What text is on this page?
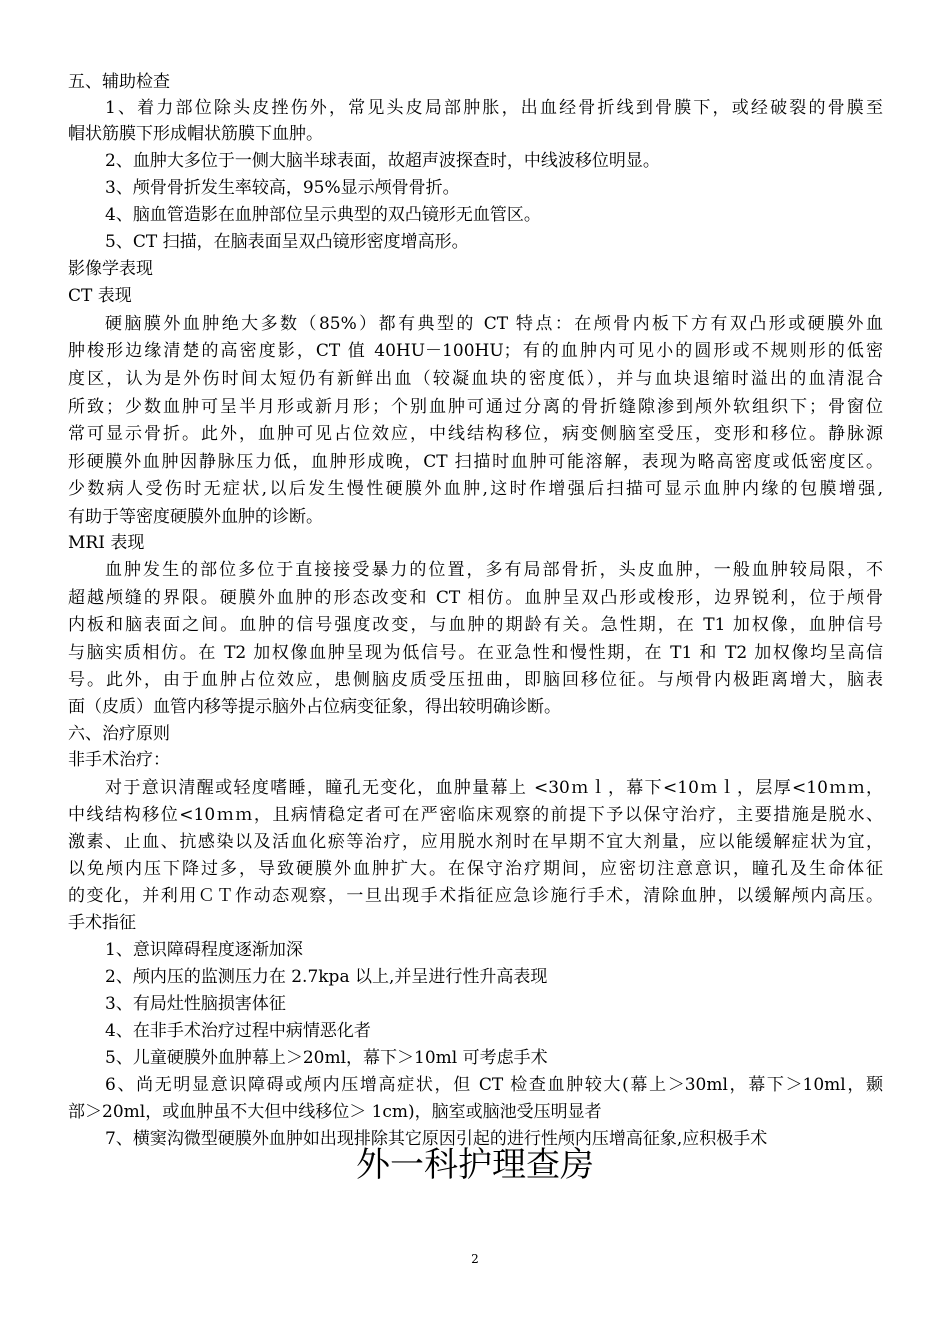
五、辅助检查
1、着力部位除头皮挫伤外，常见头皮局部肿胀，出血经骨折线到骨膜下，或经破裂的骨膜至
帽状筋膜下形成帽状筋膜下血肿。
2、血肿大多位于一侧大脑半球表面，故超声波探查时，中线波移位明显。
3、颅骨骨折发生率较高，95%显示颅骨骨折。
4、脑血管造影在血肿部位呈示典型的双凸镜形无血管区。
5、CT 扫描，在脑表面呈双凸镜形密度增高形。
影像学表现
CT 表现
硬脑膜外血肿绝大多数（85%）都有典型的 CT 特点：在颅骨内板下方有双凸形或硬膜外血
肿梭形边缘清楚的高密度影，CT 值 40HU－100HU；有的血肿内可见小的圆形或不规则形的低密
度区，认为是外伤时间太短仍有新鲜出血（较凝血块的密度低），并与血块退缩时溢出的血清混合
所致；少数血肿可呈半月形或新月形；个别血肿可通过分离的骨折缝隙渗到颅外软组织下；骨窗位
常可显示骨折。此外，血肿可见占位效应，中线结构移位，病变侧脑室受压，变形和移位。静脉源
形硬膜外血肿因静脉压力低，血肿形成晚，CT 扫描时血肿可能溶解，表现为略高密度或低密度区。
少数病人受伤时无症状,以后发生慢性硬膜外血肿,这时作增强后扫描可显示血肿内缘的包膜增强,
有助于等密度硬膜外血肿的诊断。
MRI 表现
血肿发生的部位多位于直接接受暴力的位置，多有局部骨折，头皮血肿，一般血肿较局限，不
超越颅缝的界限。硬膜外血肿的形态改变和 CT 相仿。血肿呈双凸形或梭形，边界锐利，位于颅骨
内板和脑表面之间。血肿的信号强度改变，与血肿的期龄有关。急性期，在 T1 加权像，血肿信号
与脑实质相仿。在 T2 加权像血肿呈现为低信号。在亚急性和慢性期，在 T1 和 T2 加权像均呈高信
号。此外，由于血肿占位效应，患侧脑皮质受压扭曲，即脑回移位征。与颅骨内极距离增大，脑表
面（皮质）血管内移等提示脑外占位病变征象，得出较明确诊断。
六、治疗原则
非手术治疗：
对于意识清醒或轻度嗜睡，瞳孔无变化，血肿量幕上 <30ｍｌ，幕下<10ｍｌ，层厚<10ｍｍ，
中线结构移位<10ｍｍ，且病情稳定者可在严密临床观察的前提下予以保守治疗，主要措施是脱水、
激素、止血、抗感染以及活血化瘀等治疗，应用脱水剂时在早期不宜大剂量，应以能缓解症状为宜，
以免颅内压下降过多，导致硬膜外血肿扩大。在保守治疗期间，应密切注意意识，瞳孔及生命体征
的变化，并利用ＣＴ作动态观察，一旦出现手术指征应急诊施行手术，清除血肿，以缓解颅内高压。
手术指征
1、意识障碍程度逐渐加深
2、颅内压的监测压力在 2.7kpa 以上,并呈进行性升高表现
3、有局灶性脑损害体征
4、在非手术治疗过程中病情恶化者
5、儿童硬膜外血肿幕上＞20ml，幕下＞10ml 可考虑手术
6、尚无明显意识障碍或颅内压增高症状，但 CT 检查血肿较大(幕上＞30ml，幕下＞10ml，颞
部＞20ml，或血肿虽不大但中线移位＞ 1cm)，脑室或脑池受压明显者
7、横窦沟微型硬膜外血肿如出现排除其它原因引起的进行性颅内压增高征象,应积极手术
外一科护理查房
2
